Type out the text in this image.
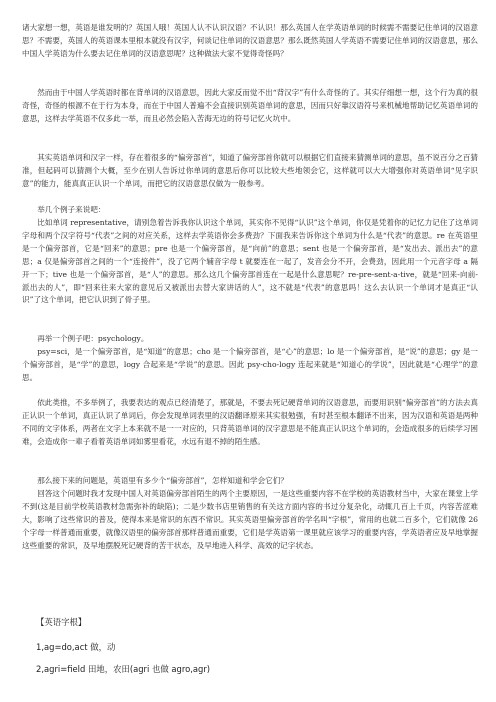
诸大家想一想，英语是谁发明的？英国人哦！英国人认不认识汉语？不认识！那么英国人在学英语单词的时候需不需要记住单词的汉语意思？不需要，英国人的英语课本里根本就没有汉字，何谈记住单词的汉语意思？那么既然英国人学英语不需要记住单词的汉语意思，那么中国人学英语为什么要去记住单词的汉语意思呢？这种做法大家不觉得奇怪吗？

然而由于中国人学英语时都在背单词的汉语意思，因此大家反而觉不出“背汉字”有什么奇怪的了。其实仔细想一想，这个行为真的很奇怪，奇怪的根源不在于行为本身，而在于中国人普遍不会直接识别英语单词的意思，因而只好靠汉语符号来机械地帮助记忆英语单词的意思，这样去学英语不仅多此一举，而且必然会陷入苦海无边的符号记忆火坑中。

其实英语单词和汉字一样，存在着很多的“偏旁部首”，知道了偏旁部首你就可以根据它们直接来猜测单词的意思，虽不说百分之百猜准，但起码可以猜测个大概，至少在别人告诉过你单词的意思后你可以比较大些地领会它，这样就可以大大增强你对英语单词“见字识意”的能力，能真真正认识一个单词，而把它的汉语意思仅做为一般参考。

举几个例子来说吧：

比如单词 representative，请别急着告诉我你认识这个单词，其实你不见得“认识”这个单词，你仅是凭着你的记忆力记住了这单词字母和两个汉字符号“代表”之间的对应关系，这样去学英语你会多费劲？下面我来告诉你这个单词为什么是“代表”的意思。re 在英语里是一个偏旁部首，它是“回来”的意思；pre 也是一个偏旁部首，是“向前”的意思；sent 也是一个偏旁部首，是“发出去、派出去”的意思；a 仅是偏旁部首之间的一个“连接件”，没了它两个辅音字母 t 就要连在一起了，发音会分不开，会费劲，因此用一个元音字母 a 隔开一下；tive 也是一个偏旁部首，是“人”的意思。那么这几个偏旁部首连在一起是什么意思呢？re-pre-sent-a-tive，就是“回来-向前-派出去的人”，即“回来往来大家的意见后又被派出去替大家讲话的人”，这不就是“代表”的意思吗！这么去认识一个单词才是真正“认识”了这个单词，把它认识到了骨子里。

再举一个例子吧：psychology。

psy=sci，是一个偏旁部首，是“知道”的意思；cho 是一个偏旁部首，是“心”的意思；lo 是一个偏旁部首，是“说”的意思；gy 是一个偏旁部首，是“学”的意思，logy 合起来是“学说”的意思。因此 psy-cho-logy 连起来就是“知道心的学说”，因此就是“心理学”的意思。

依此类推，不多举例了，我要表达的观点已经清楚了，那就是，不要去死记硬背单词的汉语意思，而要用识别“偏旁部首”的方法去真正认识一个单词，真正认识了单词后，你会发现单词表里的汉语翻译原来其实很勉强，有时甚至根本翻译不出来，因为汉语和英语是两种不同的文字体系，两者在文字上本来就不是一一对应的，只背英语单词的汉字意思是不能真正认识这个单词的，会造成很多的后续学习困难，会造成你一辈子看着英语单词如雾里看花，水远有退不掉的陌生感。

那么接下来的问题是，英语里有多少个“偏旁部首”，怎样知道和学会它们？

回答这个问题时我才发现中国人对英语偏旁部首陌生的两个主要原因，一是这些重要内容不在学校的英语教材当中，大家在课堂上学不到(这是目前学校英语教材急需弥补的缺陷)；二是少数书店里销售的有关这方面内容的书过分复杂化，动辄几百上千页，内容苦涩难大，影响了这些常识的普及，使得本来是常识的东西不常识。其实英语里偏旁部首的学名叫“字根”，常用的也就二百多个，它们就像 26 个字母一样普通而重要，就像汉语里的偏旁部首那样普通而重要，它们是学英语第一课里就应该学习的重要内容，学英语者应及早地掌握这些重要的常识，及早地摆脱死记硬背的苦干状态，及早地进入科学、高效的记字状态。

【英语字根】
1,ag=do,act 做，动
2,agri=field 田地，农田(agri 也做 agro,agr)
